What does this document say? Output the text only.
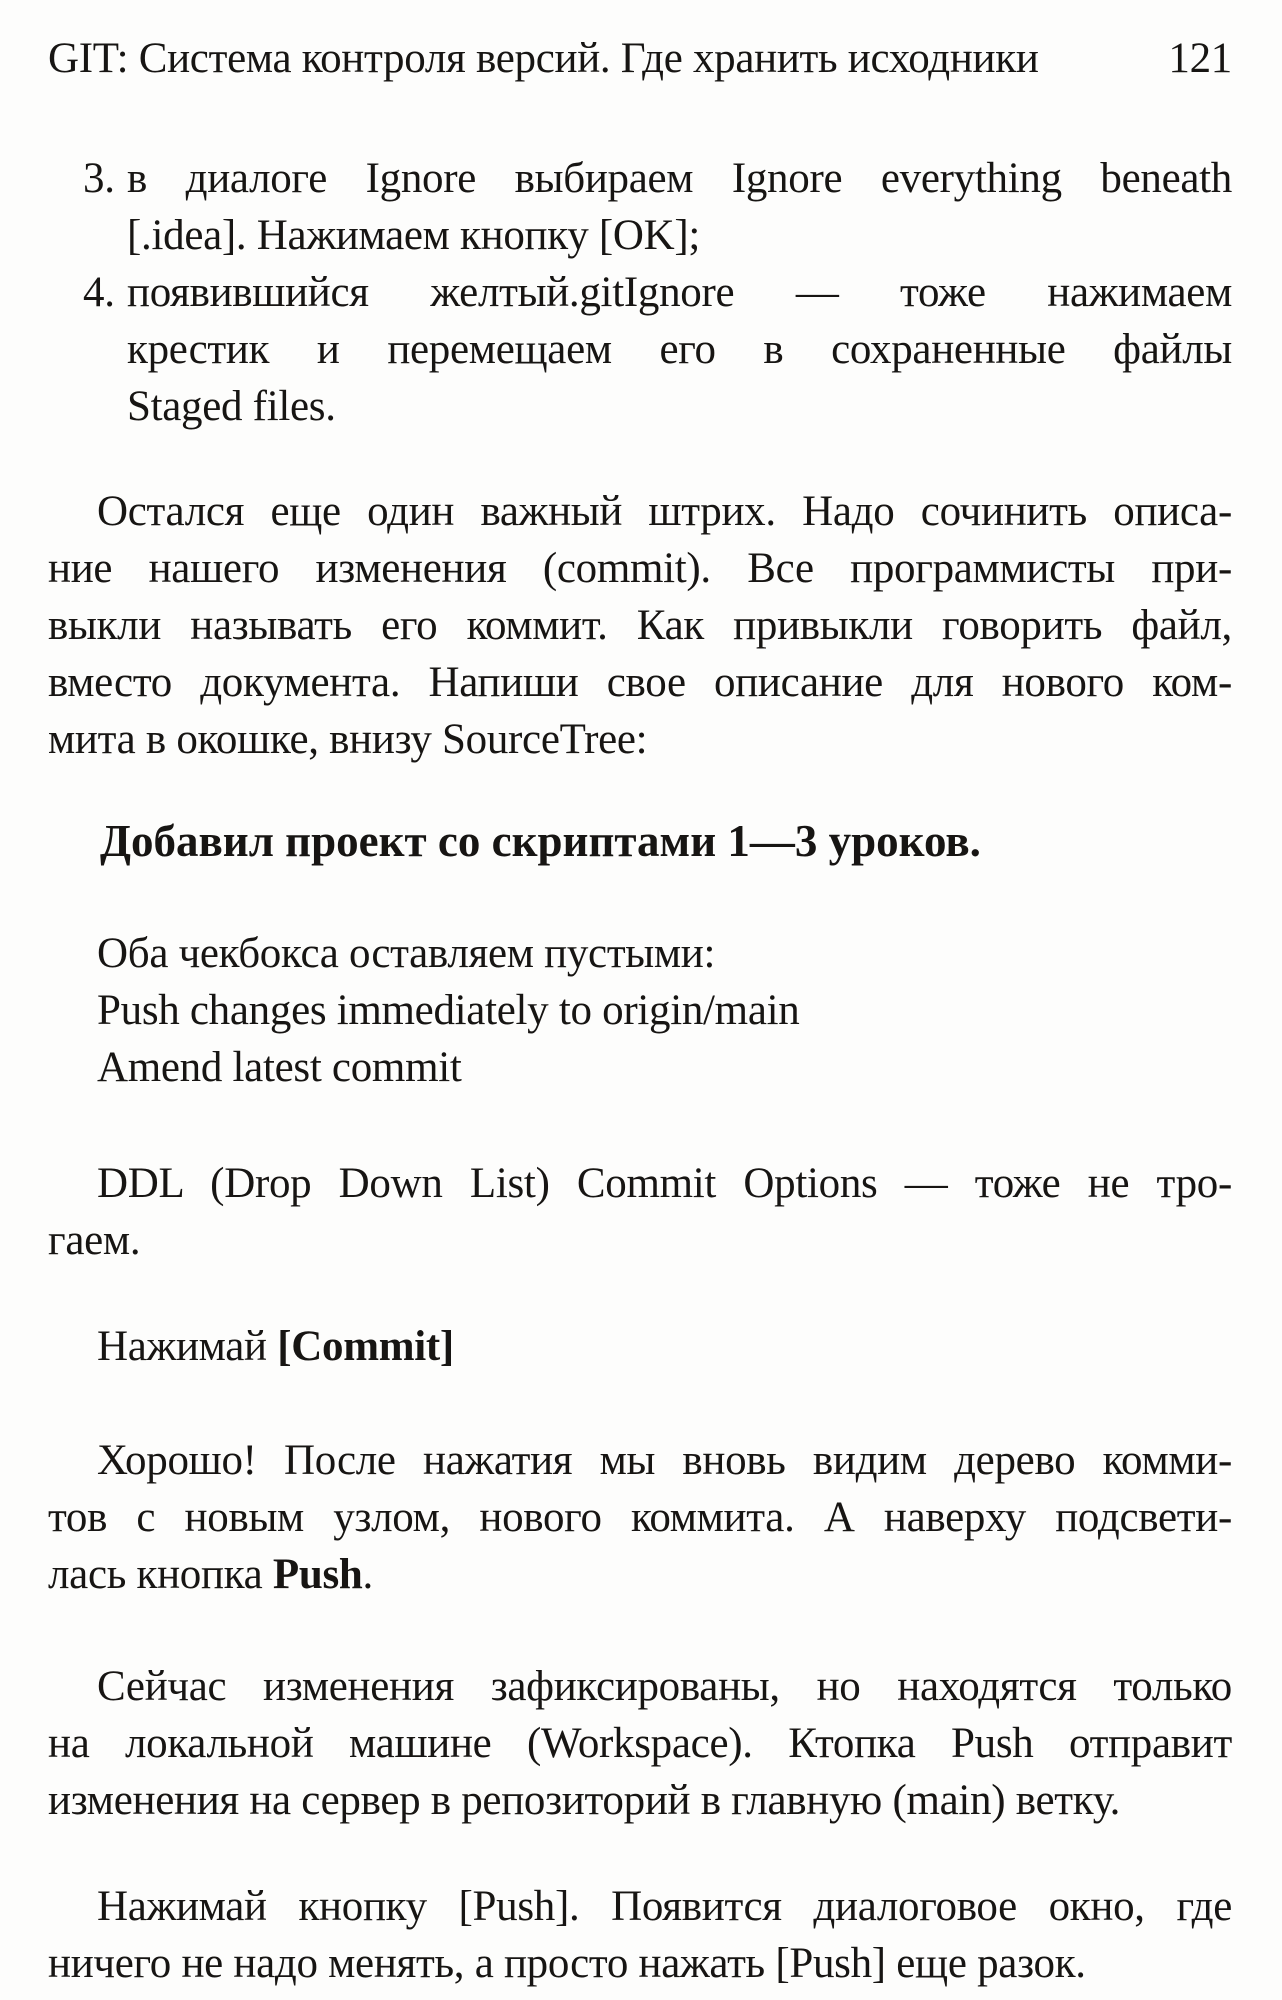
GIT: Система контроля версий. Где хранить исходники	121
3. в диалоге Ignore выбираем Ignore everything beneath
[.idea]. Нажимаем кнопку [OK];
4. появившийся желтый.gitIgnore — тоже нажимаем
крестик и перемещаем его в сохраненные файлы
Staged files.
Остался еще один важный штрих. Надо сочинить описа-
ние нашего изменения (commit). Все программисты при-
выкли называть его коммит. Как привыкли говорить файл,
вместо документа. Напиши свое описание для нового ком-
мита в окошке, внизу SourceTree:
Добавил проект со скриптами 1—3 уроков.
Оба чекбокса оставляем пустыми:
Push changes immediately to origin/main
Amend latest commit
DDL (Drop Down List) Commit Options — тоже не тро-
гаем.
Нажимай [Commit]
Хорошо! После нажатия мы вновь видим дерево комми-
тов с новым узлом, нового коммита. А наверху подсвети-
лась кнопка Push.
Сейчас изменения зафиксированы, но находятся только
на локальной машине (Workspace). Ктопка Push отправит
изменения на сервер в репозиторий в главную (main) ветку.
Нажимай кнопку [Push]. Появится диалоговое окно, где
ничего не надо менять, а просто нажать [Push] еще разок.
